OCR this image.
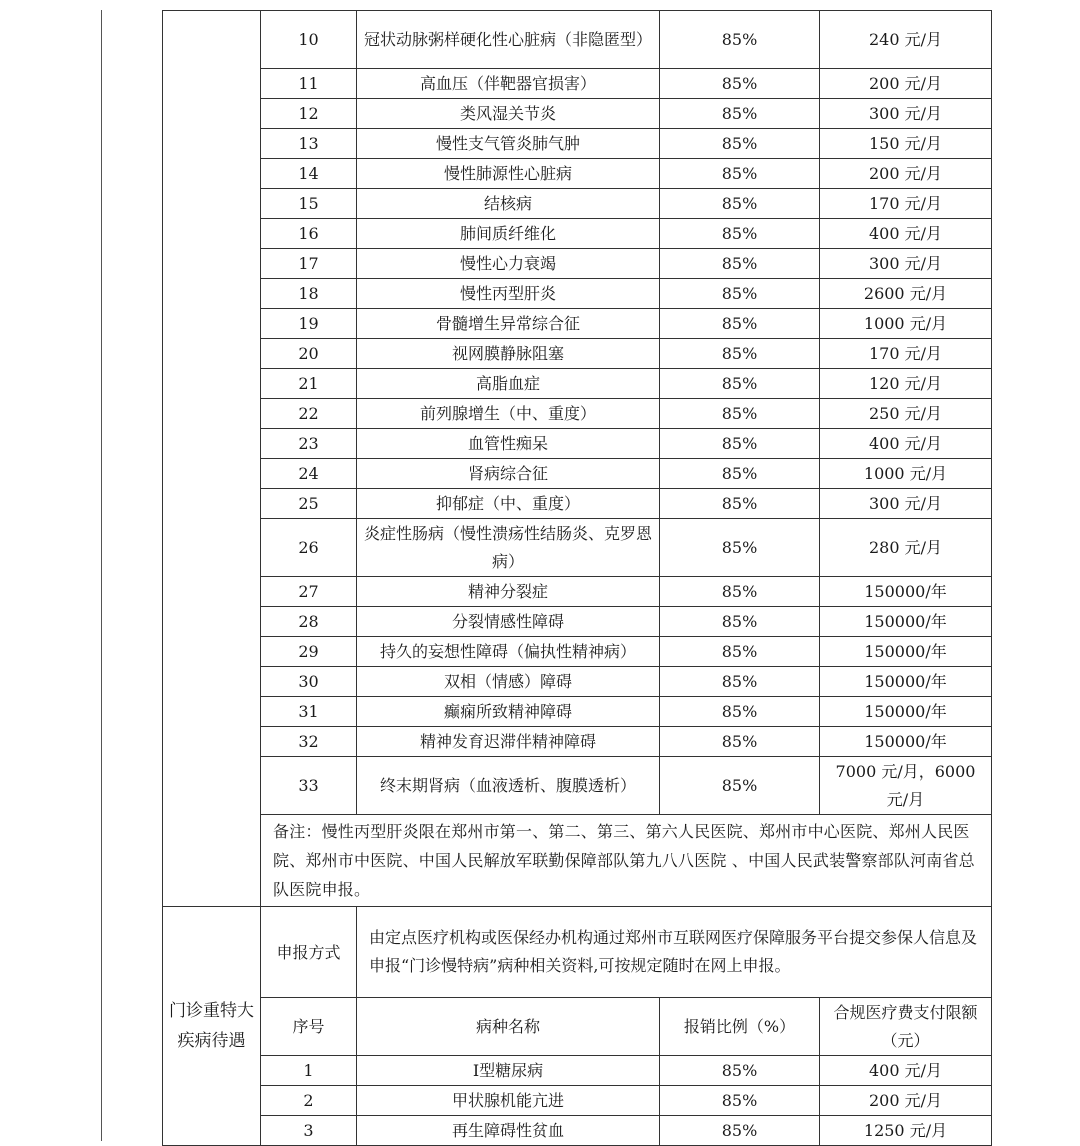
	10	冠状动脉粥样硬化性心脏病（非隐匿型）	85%	240 元/月
	11	高血压（伴靶器官损害）	85%	200 元/月
	12	类风湿关节炎	85%	300 元/月
	13	慢性支气管炎肺气肿	85%	150 元/月
	14	慢性肺源性心脏病	85%	200 元/月
	15	结核病	85%	170 元/月
	16	肺间质纤维化	85%	400 元/月
	17	慢性心力衰竭	85%	300 元/月
	18	慢性丙型肝炎	85%	2600 元/月
	19	骨髓增生异常综合征	85%	1000 元/月
	20	视网膜静脉阻塞	85%	170 元/月
	21	高脂血症	85%	120 元/月
	22	前列腺增生（中、重度）	85%	250 元/月
	23	血管性痴呆	85%	400 元/月
	24	肾病综合征	85%	1000 元/月
	25	抑郁症（中、重度）	85%	300 元/月
	26	炎症性肠病（慢性溃疡性结肠炎、克罗恩病）	85%	280 元/月
	27	精神分裂症	85%	150000/年
	28	分裂情感性障碍	85%	150000/年
	29	持久的妄想性障碍（偏执性精神病）	85%	150000/年
	30	双相（情感）障碍	85%	150000/年
	31	癫痫所致精神障碍	85%	150000/年
	32	精神发育迟滞伴精神障碍	85%	150000/年
	33	终末期肾病（血液透析、腹膜透析）	85%	7000 元/月，6000 元/月
	备注：慢性丙型肝炎限在郑州市第一、第二、第三、第六人民医院、郑州市中心医院、郑州人民医院、郑州市中医院、中国人民解放军联勤保障部队第九八八医院 、中国人民武装警察部队河南省总队医院申报。			
门诊重特大疾病待遇	申报方式	由定点医疗机构或医保经办机构通过郑州市互联网医疗保障服务平台提交参保人信息及申报“门诊慢特病”病种相关资料,可按规定随时在网上申报。		
	序号	病种名称	报销比例（%）	合规医疗费支付限额（元）
	1	Ⅰ型糖尿病	85%	400 元/月
	2	甲状腺机能亢进	85%	200 元/月
	3	再生障碍性贫血	85%	1250 元/月
